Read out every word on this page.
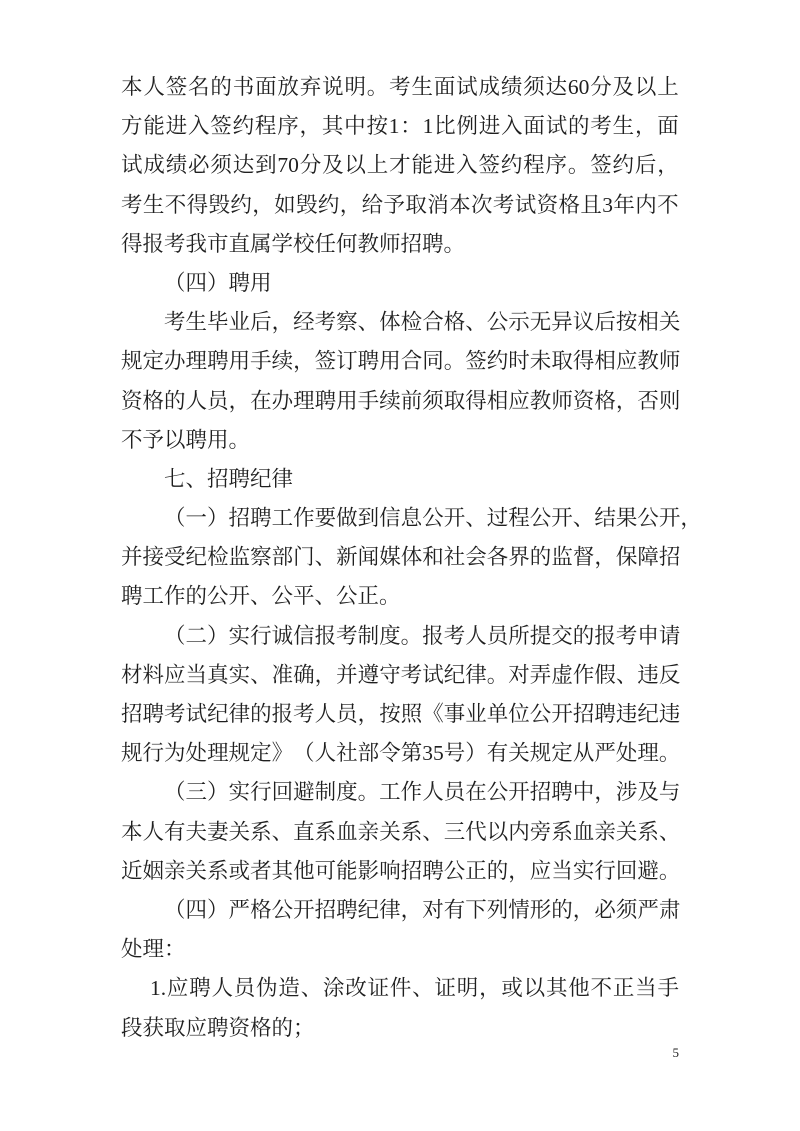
本 人 签 名 的 书 面 放 弃 说 明 。 考 生 面 试 成 绩 须 达 60 分 及 以 上
方 能 进 入 签 约 程 序 ， 其 中 按 1 ： 1 比 例 进 入 面 试 的 考 生 ， 面
试 成 绩 必 须 达 到 70 分 及 以 上 才 能 进 入 签 约 程 序 。 签 约 后 ，
考 生 不 得 毁 约 ， 如 毁 约 ， 给 予 取 消 本 次 考 试 资 格 且 3 年 内 不
得报考我市直属学校任何教师招聘。
（四）聘用
考 生 毕 业 后 ， 经 考 察 、 体 检 合 格 、 公 示 无 异 议 后 按 相 关
规 定 办 理 聘 用 手 续 ， 签 订 聘 用 合 同 。 签 约 时 未 取 得 相 应 教 师
资 格 的 人 员 ， 在 办 理 聘 用 手 续 前 须 取 得 相 应 教 师 资 格 ， 否 则
不予以聘用。
七、招聘纪律
（ 一 ） 招 聘 工 作 要 做 到 信 息 公 开 、 过 程 公 开 、 结 果 公 开 ，
并 接 受 纪 检 监 察 部 门 、 新 闻 媒 体 和 社 会 各 界 的 监 督 ， 保 障 招
聘工作的公开、公平、公正。
（ 二 ） 实 行 诚 信 报 考 制 度 。 报 考 人 员 所 提 交 的 报 考 申 请
材 料 应 当 真 实 、 准 确 ， 并 遵 守 考 试 纪 律 。 对 弄 虚 作 假 、 违 反
招 聘 考 试 纪 律 的 报 考 人 员 ， 按 照 《 事 业 单 位 公 开 招 聘 违 纪 违
规 行 为 处 理 规 定 》 （ 人 社 部 令 第 35 号 ） 有 关 规 定 从 严 处 理 。
（ 三 ） 实 行 回 避 制 度 。 工 作 人 员 在 公 开 招 聘 中 ， 涉 及 与
本 人 有 夫 妻 关 系 、 直 系 血 亲 关 系 、 三 代 以 内 旁 系 血 亲 关 系 、
近 姻 亲 关 系 或 者 其 他 可 能 影 响 招 聘 公 正 的 ， 应 当 实 行 回 避 。
（ 四 ） 严 格 公 开 招 聘 纪 律 ， 对 有 下 列 情 形 的 ， 必 须 严 肃
处理：
1. 应 聘 人 员 伪 造 、 涂 改 证 件 、 证 明 ， 或 以 其 他 不 正 当 手
段获取应聘资格的；
5
